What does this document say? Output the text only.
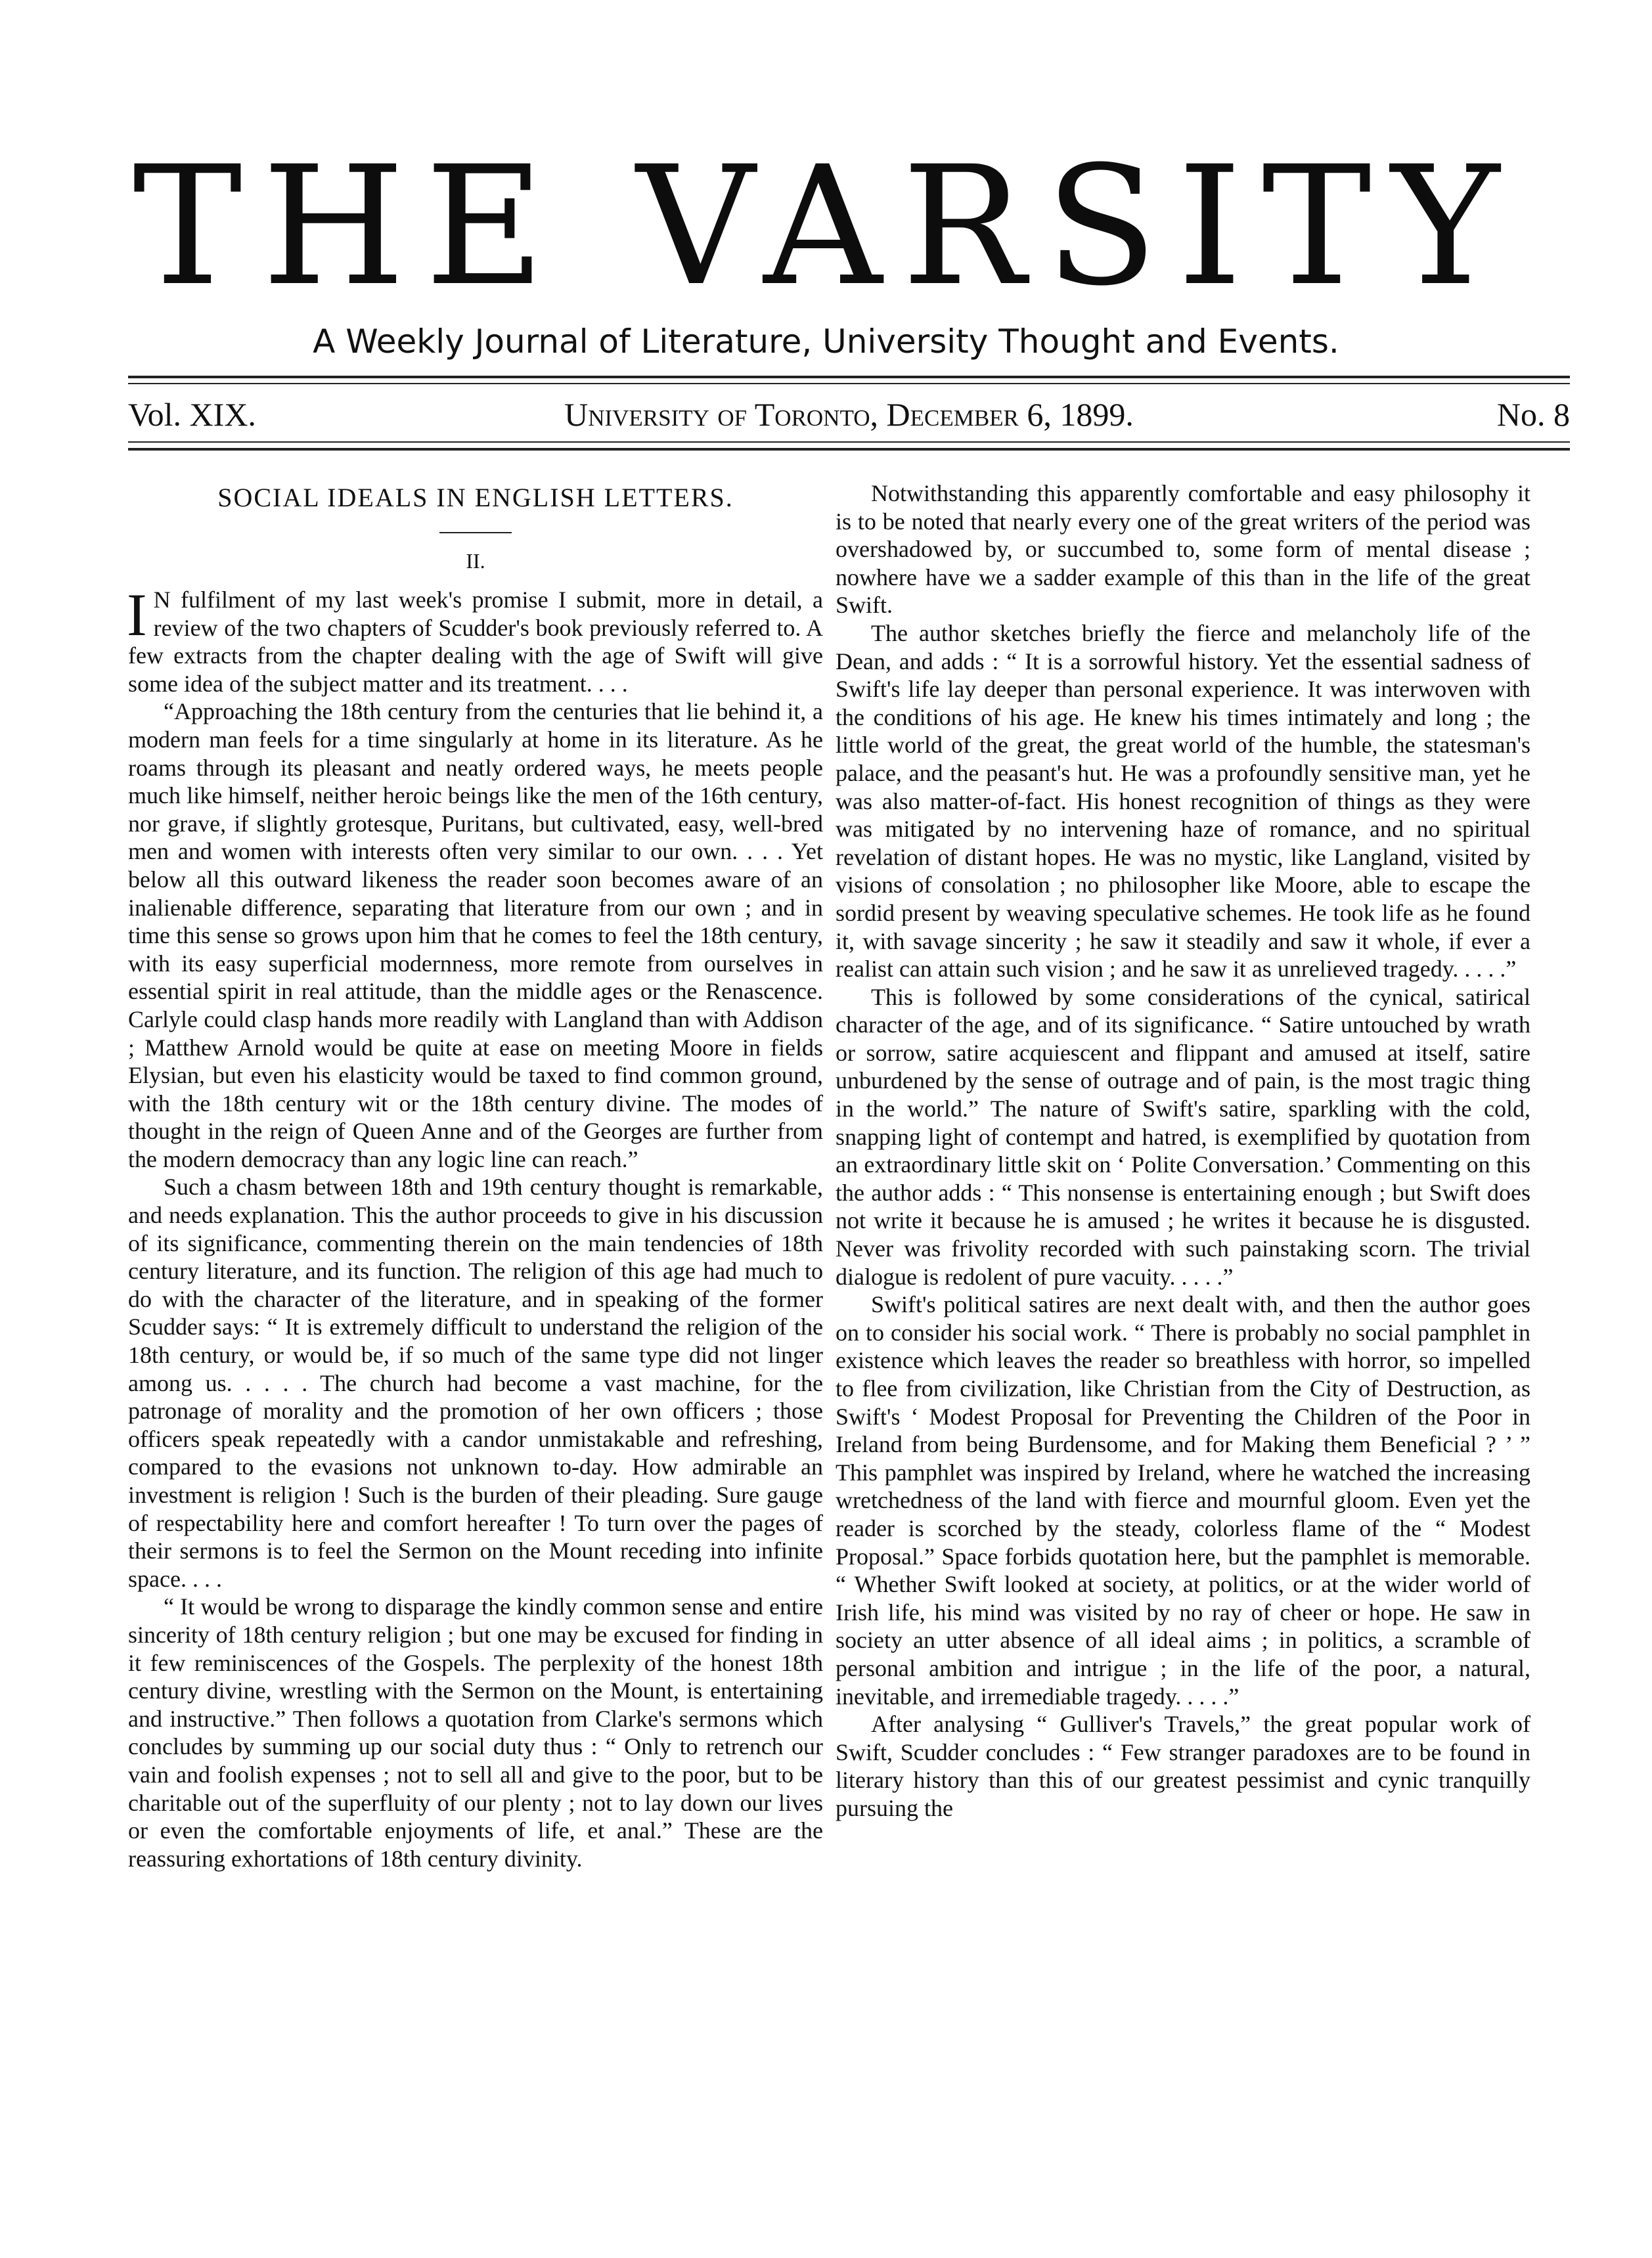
THE VARSITY
A Weekly Journal of Literature, University Thought and Events.
Vol. XIX.	University of Toronto, December 6, 1899.	No. 8
SOCIAL IDEALS IN ENGLISH LETTERS.
II.

I N fulfilment of my last week's promise I submit, more in detail, a review of the two chapters of Scudder's book previously referred to. A few extracts from the chapter dealing with the age of Swift will give some idea of the subject matter and its treatment. . . .

“Approaching the 18th century from the centuries that lie behind it, a modern man feels for a time singularly at home in its literature. As he roams through its pleasant and neatly ordered ways, he meets people much like himself, neither heroic beings like the men of the 16th century, nor grave, if slightly grotesque, Puritans, but cultivated, easy, well-bred men and women with interests often very similar to our own. . . . Yet below all this outward likeness the reader soon becomes aware of an inalienable difference, separating that literature from our own ; and in time this sense so grows upon him that he comes to feel the 18th century, with its easy superficial modernness, more remote from ourselves in essential spirit in real attitude, than the middle ages or the Renascence. Carlyle could clasp hands more readily with Langland than with Addison ; Matthew Arnold would be quite at ease on meeting Moore in fields Elysian, but even his elasticity would be taxed to find common ground, with the 18th century wit or the 18th century divine. The modes of thought in the reign of Queen Anne and of the Georges are further from the modern democracy than any logic line can reach.”

Such a chasm between 18th and 19th century thought is remarkable, and needs explanation. This the author proceeds to give in his discussion of its significance, commenting therein on the main tendencies of 18th century literature, and its function. The religion of this age had much to do with the character of the literature, and in speaking of the former Scudder says: “ It is extremely difficult to understand the religion of the 18th century, or would be, if so much of the same type did not linger among us. . . . . The church had become a vast machine, for the patronage of morality and the promotion of her own officers ; those officers speak repeatedly with a candor unmistakable and refreshing, compared to the evasions not unknown to-day. How admirable an investment is religion ! Such is the burden of their pleading. Sure gauge of respectability here and comfort hereafter ! To turn over the pages of their sermons is to feel the Sermon on the Mount receding into infinite space. . . .

“ It would be wrong to disparage the kindly common sense and entire sincerity of 18th century religion ; but one may be excused for finding in it few reminiscences of the Gospels. The perplexity of the honest 18th century divine, wrestling with the Sermon on the Mount, is entertaining and instructive.” Then follows a quotation from Clarke's sermons which concludes by summing up our social duty thus : “ Only to retrench our vain and foolish expenses ; not to sell all and give to the poor, but to be charitable out of the superfluity of our plenty ; not to lay down our lives or even the comfortable enjoyments of life, et anal.” These are the reassuring exhortations of 18th century divinity.

Notwithstanding this apparently comfortable and easy philosophy it is to be noted that nearly every one of the great writers of the period was overshadowed by, or succumbed to, some form of mental disease ; nowhere have we a sadder example of this than in the life of the great Swift.

The author sketches briefly the fierce and melancholy life of the Dean, and adds : “ It is a sorrowful history. Yet the essential sadness of Swift's life lay deeper than personal experience. It was interwoven with the conditions of his age. He knew his times intimately and long ; the little world of the great, the great world of the humble, the statesman's palace, and the peasant's hut. He was a profoundly sensitive man, yet he was also matter-of-fact. His honest recognition of things as they were was mitigated by no intervening haze of romance, and no spiritual revelation of distant hopes. He was no mystic, like Langland, visited by visions of consolation ; no philosopher like Moore, able to escape the sordid present by weaving speculative schemes. He took life as he found it, with savage sincerity ; he saw it steadily and saw it whole, if ever a realist can attain such vision ; and he saw it as unrelieved tragedy. . . . .”

This is followed by some considerations of the cynical, satirical character of the age, and of its significance. “ Satire untouched by wrath or sorrow, satire acquiescent and flippant and amused at itself, satire unburdened by the sense of outrage and of pain, is the most tragic thing in the world.” The nature of Swift's satire, sparkling with the cold, snapping light of contempt and hatred, is exemplified by quotation from an extraordinary little skit on ‘ Polite Conversation.’ Commenting on this the author adds : “ This nonsense is entertaining enough ; but Swift does not write it because he is amused ; he writes it because he is disgusted. Never was frivolity recorded with such painstaking scorn. The trivial dialogue is redolent of pure vacuity. . . . .”

Swift's political satires are next dealt with, and then the author goes on to consider his social work. “ There is probably no social pamphlet in existence which leaves the reader so breathless with horror, so impelled to flee from civilization, like Christian from the City of Destruction, as Swift's ‘ Modest Proposal for Preventing the Children of the Poor in Ireland from being Burdensome, and for Making them Beneficial ? ’ ” This pamphlet was inspired by Ireland, where he watched the increasing wretchedness of the land with fierce and mournful gloom. Even yet the reader is scorched by the steady, colorless flame of the “ Modest Proposal.” Space forbids quotation here, but the pamphlet is memorable. “ Whether Swift looked at society, at politics, or at the wider world of Irish life, his mind was visited by no ray of cheer or hope. He saw in society an utter absence of all ideal aims ; in politics, a scramble of personal ambition and intrigue ; in the life of the poor, a natural, inevitable, and irremediable tragedy. . . . .”

After analysing “ Gulliver's Travels,” the great popular work of Swift, Scudder concludes : “ Few stranger paradoxes are to be found in literary history than this of our greatest pessimist and cynic tranquilly pursuing the
